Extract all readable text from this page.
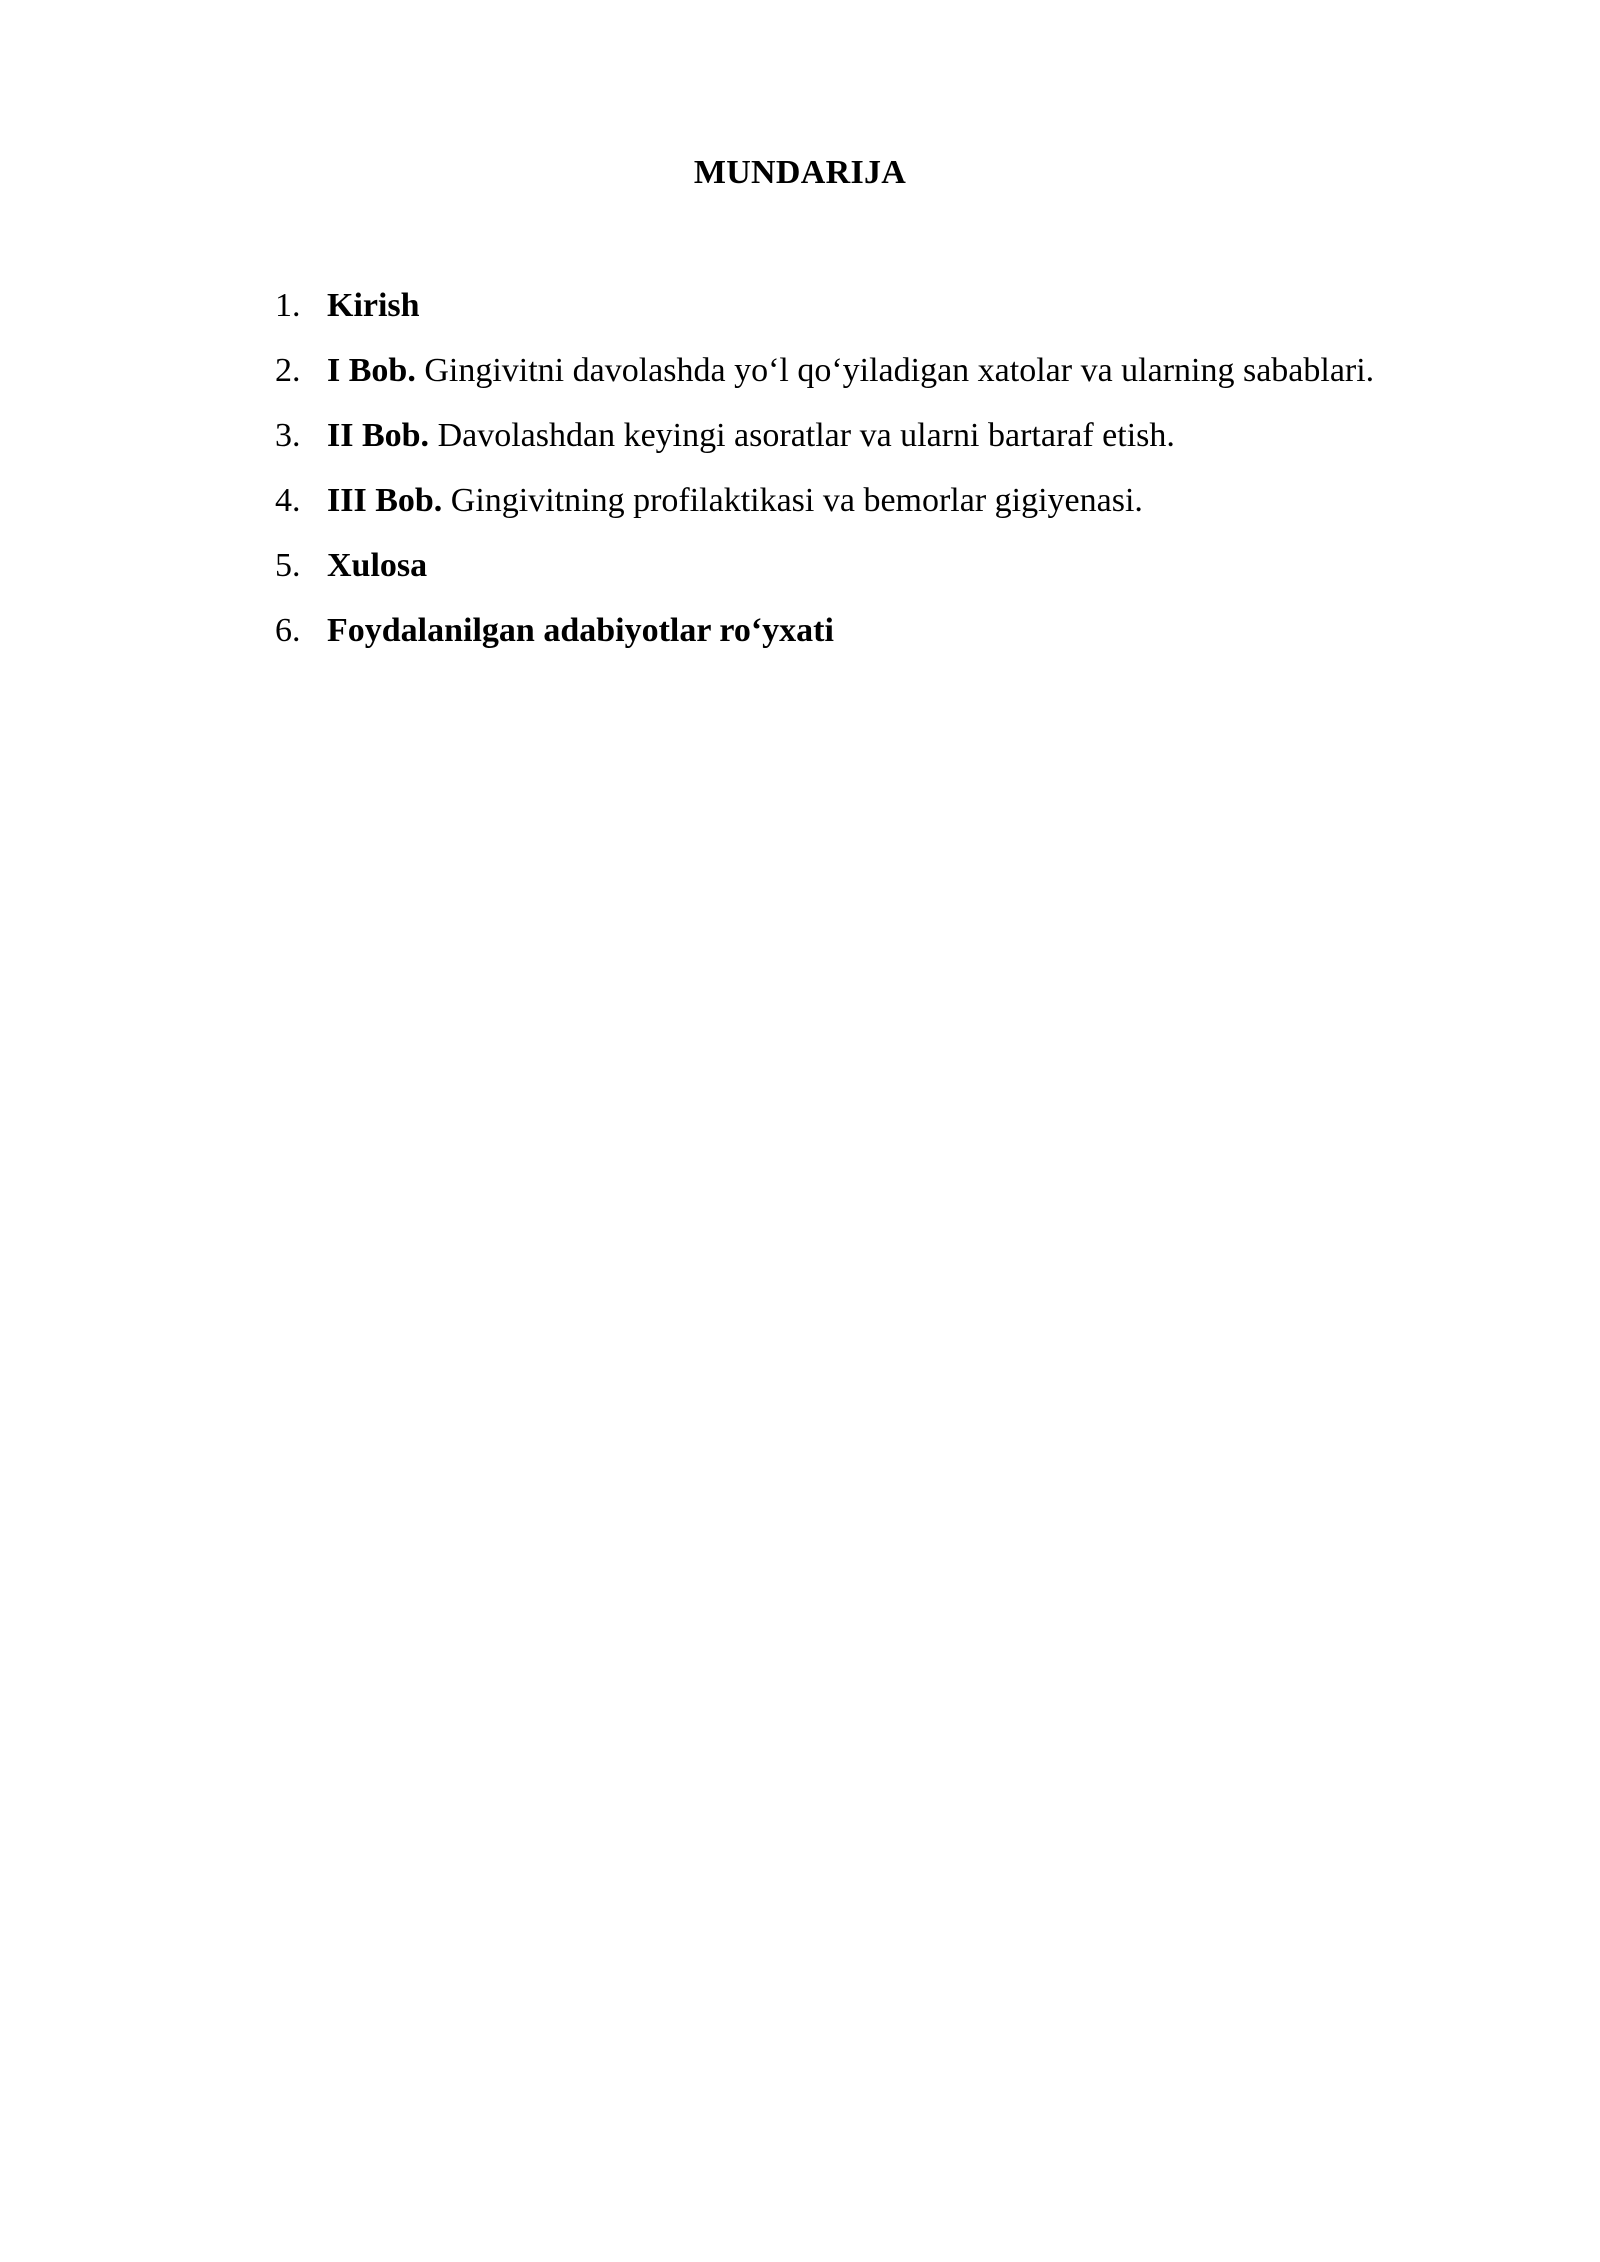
MUNDARIJA
1. Kirish
2. I Bob. Gingivitni davolashda yo‘l qo‘yiladigan xatolar va ularning sabablari.
3. II Bob. Davolashdan keyingi asoratlar va ularni bartaraf etish.
4. III Bob. Gingivitning profilaktikasi va bemorlar gigiyenasi.
5. Xulosa
6. Foydalanilgan adabiyotlar ro‘yxati
